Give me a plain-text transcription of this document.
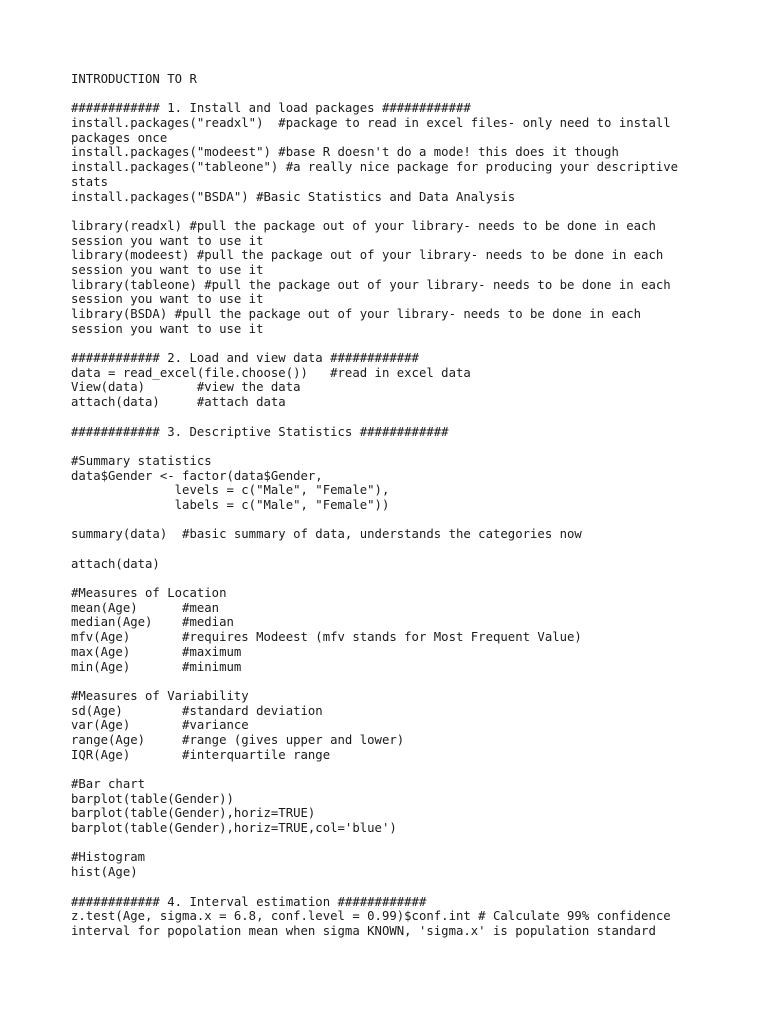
INTRODUCTION TO R
############ 1. Install and load packages ############
install.packages("readxl")  #package to read in excel files- only need to install
packages once
install.packages("modeest") #base R doesn't do a mode! this does it though
install.packages("tableone") #a really nice package for producing your descriptive
stats
install.packages("BSDA") #Basic Statistics and Data Analysis
library(readxl) #pull the package out of your library- needs to be done in each
session you want to use it
library(modeest) #pull the package out of your library- needs to be done in each
session you want to use it
library(tableone) #pull the package out of your library- needs to be done in each
session you want to use it
library(BSDA) #pull the package out of your library- needs to be done in each
session you want to use it
############ 2. Load and view data ############
data = read_excel(file.choose())   #read in excel data
View(data)       #view the data
attach(data)     #attach data
############ 3. Descriptive Statistics ############
#Summary statistics
data$Gender <- factor(data$Gender,
levels = c("Male", "Female"),
labels = c("Male", "Female"))
summary(data)  #basic summary of data, understands the categories now
attach(data)
#Measures of Location
mean(Age)      #mean
median(Age)    #median
mfv(Age)       #requires Modeest (mfv stands for Most Frequent Value)
max(Age)       #maximum
min(Age)       #minimum
#Measures of Variability
sd(Age)        #standard deviation
var(Age)       #variance
range(Age)     #range (gives upper and lower)
IQR(Age)       #interquartile range
#Bar chart
barplot(table(Gender))
barplot(table(Gender),horiz=TRUE)
barplot(table(Gender),horiz=TRUE,col='blue')
#Histogram
hist(Age)
############ 4. Interval estimation ############
z.test(Age, sigma.x = 6.8, conf.level = 0.99)$conf.int # Calculate 99% confidence
interval for popolation mean when sigma KNOWN, 'sigma.x' is population standard
